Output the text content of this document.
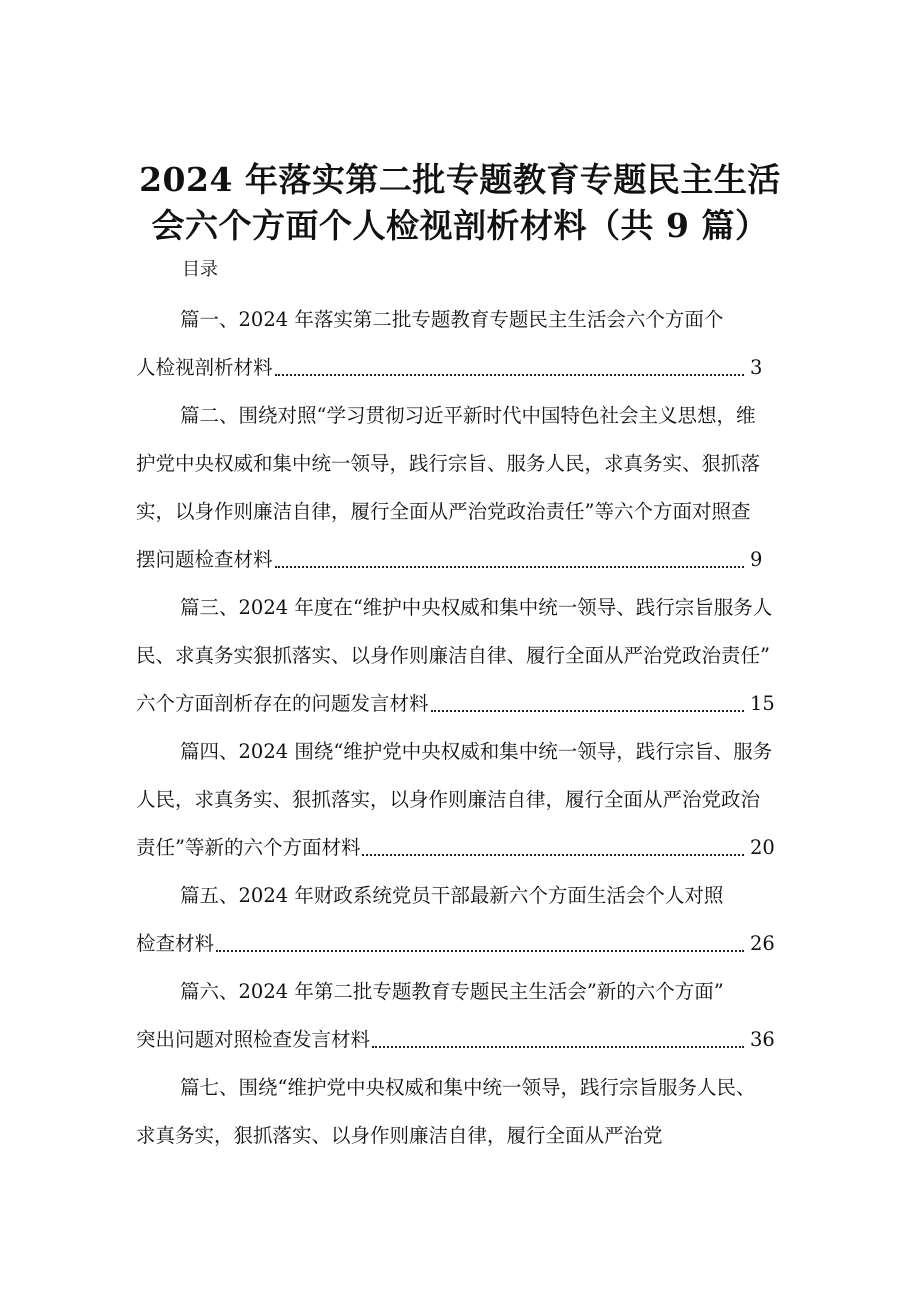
2024 年落实第二批专题教育专题民主生活
会六个方面个人检视剖析材料（共 9 篇）
目录
篇一、2024 年落实第二批专题教育专题民主生活会六个方面个
人检视剖析材料	3
篇二、围绕对照“学习贯彻习近平新时代中国特色社会主义思想，维
护党中央权威和集中统一领导，践行宗旨、服务人民，求真务实、狠抓落
实，以身作则廉洁自律，履行全面从严治党政治责任”等六个方面对照查
摆问题检查材料	9
篇三、2024 年度在“维护中央权威和集中统一领导、践行宗旨服务人
民、求真务实狠抓落实、以身作则廉洁自律、履行全面从严治党政治责任”
六个方面剖析存在的问题发言材料	15
篇四、2024 围绕“维护党中央权威和集中统一领导，践行宗旨、服务
人民，求真务实、狠抓落实，以身作则廉洁自律，履行全面从严治党政治
责任”等新的六个方面材料	20
篇五、2024 年财政系统党员干部最新六个方面生活会个人对照
检查材料	26
篇六、2024 年第二批专题教育专题民主生活会”新的六个方面”
突出问题对照检查发言材料	36
篇七、围绕“维护党中央权威和集中统一领导，践行宗旨服务人民、
求真务实，狠抓落实、以身作则廉洁自律，履行全面从严治党
